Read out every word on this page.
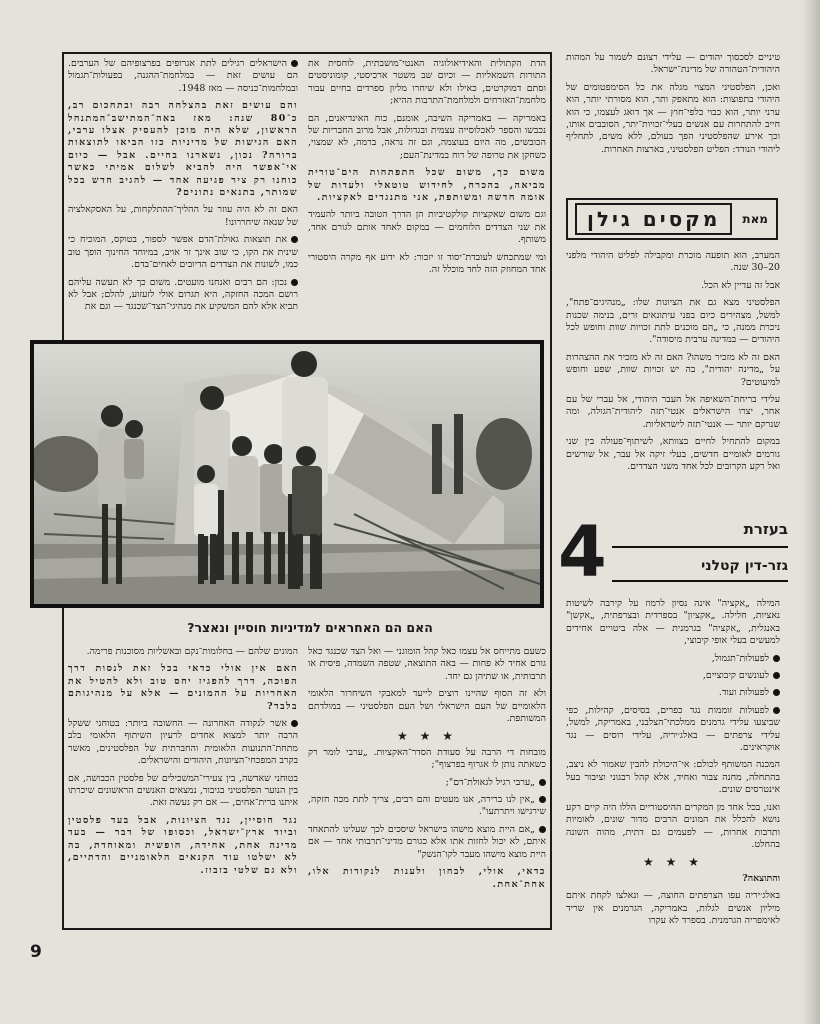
טיניים לסכסוך יהודים — עלידי רצונם לשמור על המהות היהודית־הטהורה של מדינת־ישראל.

ואכן, הפלסטיני המצוי מגלה את כל הסימפטומים של היהודי בתפוצות: הוא מתאפק ותר, הוא מסורתי יותר, הוא ערני יותר, הוא כבוי כלפי־חוץ — אך דואג לעצמו, כי הוא חייב להתחרות עם אנשים בעלי־זכויות־יתר, הסובבים אותו, וכך אירע שהפלסטיני הפך בעולם, ללא משים, לתחליף ליהודי הנודד: הפליט הפלסטיני, בארצות האחרות.

מאת
מקסים גילן

המערב, הוא תופעה מוכרת ומקבילה לפליט היהודי מלפני 20–30 שנה.

אבל זה עדיין לא הכל.

הפלסטיני מצא גם את הציונות שלו: „מנהיגים־פתח", למשל, מצהירים כיום בפני עיתונאים זרים, בנימה שכנות ניכרת ממנה, כי „הם מוכנים לתת זכויות שוות וחופש לכל היהודים — במדינה ערבית מיסודה".

האם זה לא מזכיר משהו? האם זה לא מזכיר את ההצהרות על „מדינה יהודית", בה יש זכויות שוות, שפע וחופש למיעוטים?

עלידי בריחת־השאיפה אל העבר היהודי, אל עברי של עם אחר, יצרו הישראלים אנטי־תזה ליהודית־הגולה, ומה שנרקם יותר — אנטי־תזה לישראליות.

במקום להתחיל לחיים בצוותא, לשיתוף־פעולה בין שני גורמים לאומיים חדשים, בעלי זיקה אל עבר, אל שורשים ואל רקע הקרובים לכל אחד משני הצדדים.

4	בעזרת
גזר-דין קטלני

המילה „אקציה" אינה נסיון לרמוז על קירבה לשיטות נאציות, חלילה. „אקציון" בספרדית ובצרפתית, „אקשן" באנגלית, „אקציה" בגרמנית — אלה ביטויים אחידים למעשים בעלי אופי קיבוצי,

לפעולות־תגמול,

לעונשים קיבוציים,

לפעולות ועוד.

לפעולות זוממות נגד כפרים, בסיסים, קהילות, כפי שביצעו עלידי גרמנים ממלכתי־הצלבני, באמריקה, למשל, עלידי צרפתים — באלג׳יריה, עלידי רוסים — נגד אוקראינים.

המכנה המשותף לכולם: אי־היכולת להבין שאמור לא ניצב, בהתחלה, מחנה צבור ואחיד, אלא קהל רבגוני וציבור בעל אינטרסים שונים.

ואנו, בכל אחד מן המקרים ההיסטוריים הללו היה קיים רקע נושא להכלל את המונים הרבים מדור שונים, לאומיות ותרבות אחרות, — לפעמים גם דתית, מהוה השונה בהחלט.

★ ★ ★

והתוצאה?

באלג׳יריה עפו הצרפתים החוצה, — ונאלצו לקחת איתם מיליון אנשים לגלות, באמריקה, הגרמנים אין שריד לאימפריה הגרמנית. בספרד לא עקרו

הדת הקתולית והאידיאולוגיה האנטי־מושבתית, לוחסית את התורות השמאליות — וכיום שב משטר ארכיסטי, קומוניסטים וסתם דמוקרטים, כאילו ולא שיחרו מליון ספרדים בחיים עבור מלחמת־האזרחים ולמלחמת־התרבות ההיא;

באמריקה — באמריקה השיבה, אומנם, כוח האינדיאנים, הם נכבשו והספר לאכלוסייה עצמית ובגדולות, אבל מרוב החבריות של הכובשים, מה היום בעוצמה, וגם זה נראה, ברמה, לא שמצוי, כשחקן את טרופה של רוח במדינת־העם;

משום כך, משום שכל התפתחות הים־טורית מביאה, בהכרח, לחידוש טוטאלי ולעדות של אומה חדשה ומשותפת, אני מתנגדים לאקציות.

וגם משום שאקציות קולקטיביות הן הדרך הטובה ביותר להעמיד את שני הצדדים הלוחמים — במקום לאחד אותם לגורם אחד, משותף.

ומי שמתכחש לעובדת־יסוד זו יזכור: לא ידוע אף מקרה היסטורי אחד המחוזק הזה לחד מוכלל זה.

הישראלים רגילים לתת אגרופים בפרצופיהם של הערבים. הם עושים זאת — במלחמת־ההגנה, בפעולות־תגמול ובמלחמות־כניסה — מאז 1948.

והם עושים זאת בהצלחה רבה ובתחכום רב, כ־80 שנה: מאז באה־המתישב־המתנחל הראשון, שלא היה מוכן להעסיק אצלו ערבי, האם הגישות של מדיניות כזו הביאו לתוצאות ברורה? נכון, נשארנו בחיים. אבל — כיום אי־אפשר היה להביא לשלום אמיתי כאשר כוחנו רק ציר פגיעה אחד — להגיב חדש בכל שמותר, בתנאים נתונים?

האם זה לא היה עוזר על ההליך־ההתלקחות, על האסקאלציה של שנאה שיחררונו!

את תוצאות גאולת־הדם אפשר לספור, בטוקס, המוכיח כי שינית את הקו, כי שוב אינך זר אויב, במיוחד החינוך הופך טוב כמו, לשונות את הצדדים הדיובים לאחים־בדם.

נכון: הם רבים ואנחנו מועטים. משום כך לא תעשה עליהם רושם המכה החזקה, היא תגרום אולי לזעזוע, להלם; אבל לא תביא אלא להם המשקיע את מנהיגי־הצד־שכנגד — וגם את

האם הם האחראים למדיניות חוסיין ונאצר?

כשעם מתייחס אל עצמו כאל קהל הומוגני — ואל הצד שכנגד כאל גורם אחיד לא פחות — באה התוצאה, שטפה השמדה, פיסית או תרבותית, או שתיהן גם יחד.

ולא זה הסוף שהיינו רוצים לייעד למאבקי השיחרור הלאומי הלאומיים של העם הישראלי ושל העם הפלסטיני — במולדתם המשותפת.

★ ★ ★

מובחות די הרבה על סעודת הסדר־האקציות. „ערבי לומר רק כשאתה נותן לו אגרוף בפרצוף";

„ערבי רגיל לגאולת־דם";

„אין לנו ברירה, אנו מעטים והם רבים, צריך לתת מכה חזקה, שירגישו ויתרתעו".

„אם היית מוצא מישהו בישראל שיסכים לכך שעלינו להתאחד איתם, לא יכול לחזות אתו אלא כגורם מדיני־תרבותי אחד — אם היית מוצא מישהו מעבר לקו־הנשק"

כדאי, אולי, לבחון ולענות לנקודות אלו, אחת־אחת.

המונים שלהם — בחלומות־נקם ובאשליות מסוכנות פרימה.

האם אין אולי כדאי בכל זאת לנסות דרך הפוכה, דרך להפגיז יחס טוב ולא להטיל את האחריות על ההמונים — אלא על מנהיגותם בלבד?

אשר לנקודה האחרונה — החשובה ביותר: בטוחני ששקל הרבה יותר למצוא אחדים לרעיון השיתוף הלאומי בלב מתחת־התנועות הלאומית והחברתית של הפלסטינים, מאשר בקרב המפכחי־הציונות, היהודים והישראלים.

בטוחני שאדשה, בין צעירי־המשכילים של פלסטין הכבושה, אם בין הנוער הפלסטיני בגיבור, נמצאים האנשים הראשונים שיכרתו איתנו ברית־אחים, — אם רק נעשה זאת.

נגד חוסיין, נגד הציונות, אבל בעד פלסטין וביוד ארץ־ישראל, וכסופו של דבר — בעד מדינה אחת, אחידה, חופשית ומאוחדת, בה לא ישלטו עוד הקנאים הלאומניים והדתיים, ולא גם שלטי בזבוז.

9
